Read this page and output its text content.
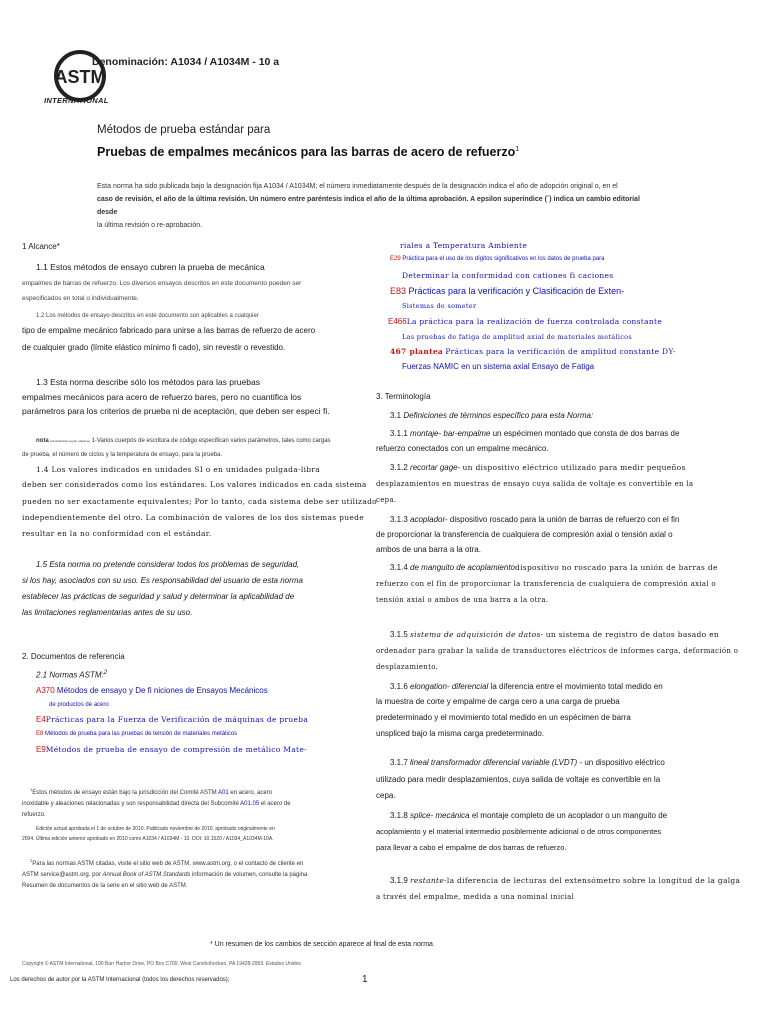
ASTM
Denominación: A1034 / A1034M - 10 a
INTERNATIONAL
Métodos de prueba estándar para
Pruebas de empalmes mecánicos para las barras de acero de refuerzo$^1$
Esta norma ha sido publicada bajo la designación fija A1034 / A1034M; el número inmediatamente después de la designación indica el año de adopción original o, en el
caso de revisión, el año de la última revisión. Un número entre paréntesis indica el año de la última aprobación. A epsilon superíndice (´) indica un cambio editorial desde
la última revisión o re-aprobación.
1 Alcance*
1.1 Estos métodos de ensayo cubren la prueba de mecánica
empalmes de barras de refuerzo. Los diversos ensayos descritos en este documento pueden ser
especificados en total o individualmente.
1.2 Los métodos de ensayo descritos en este documento son aplicables a cualquier
tipo de empalme mecánico fabricado para unirse a las barras de refuerzo de acero
de cualquier grado (límite elástico mínimo fi cado), sin revestir o revestido.
1.3 Esta norma describe sólo los métodos para las pruebas
empalmes mecánicos para acero de refuerzo bares, pero no cuantifica los
parámetros para los criterios de prueba ni de aceptación, que deben ser especi fi.
nota barras/barras según objetivos 1-Varios cuerpos de escritura de código especifican varios parámetros, tales como cargas
de prueba, el número de ciclos y la temperatura de ensayo, para la prueba.
1.4 Los valores indicados en unidades SI o en unidades pulgada-libra
deben ser considerados como los estándares. Los valores indicados en cada sistema
pueden no ser exactamente equivalentes; Por lo tanto, cada sistema debe ser utilizado
independientemente del otro. La combinación de valores de los dos sistemas puede
resultar en la no conformidad con el estándar.
1.5 Esta norma no pretende considerar todos los problemas de seguridad,
si los hay, asociados con su uso. Es responsabilidad del usuario de esta norma
establecer las prácticas de seguridad y salud y determinar la aplicabilidad de
las limitaciones reglamentarias antes de su uso.
2. Documentos de referencia
2.1 Normas ASTM:$^2$
A370 Métodos de ensayo y De fi niciones de Ensayos Mecánicos
de productos de acero
E4Prácticas para la Fuerza de Verificación de máquinas de prueba
E8 Métodos de prueba para las pruebas de tensión de materiales metálicos
E9Métodos de prueba de ensayo de compresión de metálico Mate-
$^1$Estos métodos de ensayo están bajo la jurisdicción del Comité ASTM A01 en acero, acero
inoxidable y aleaciones relacionadas y son responsabilidad directa del Subcomité A01.05 el acero de
refuerzo.
Edición actual aprobada el 1 de octubre de 2010. Publicado noviembre de 2010. aprobado originalmente en
2004. Última edición anterior aprobado en 2010 como A1034 / A1034M - 10. DOI: 10.1520 / A1034_A1034M-10A.
$^2$Para las normas ASTM citadas, visite el sitio web de ASTM, www.astm.org, o el contacto de cliente en
ASTM service@astm.org. por Annual Book of ASTM Standards información de volumen, consulte la página
Resumen de documentos de la serie en el sitio web de ASTM.
riales a Temperatura Ambiente
E29 Práctica para el uso de los dígitos significativos en los datos de prueba para
Determinar la conformidad con cationes fi caciones
E83 Prácticas para la verificación y Clasificación de Exten-
Sistemas de someter
E466La práctica para la realización de fuerza controlada constante
Las pruebas de fatiga de amplitud axial de materiales metálicos
467 plantea Prácticas para la verificación de amplitud constante DY-
Fuerzas NAMIC en un sistema axial Ensayo de Fatiga
3. Terminología
3.1 Definiciones de términos específico para esta Norma:
3.1.1 montaje- bar-empalme un espécimen montado que consta de dos barras de
refuerzo conectados con un empalme mecánico.
3.1.2 recortar gage- un dispositivo eléctrico utilizado para medir pequeños
desplazamientos en muestras de ensayo cuya salida de voltaje es convertible en la
cepa.
3.1.3 acoplador- dispositivo roscado para la unión de barras de refuerzo con el fin
de proporcionar la transferencia de cualquiera de compresión axial o tensión axial o
ambos de una barra a la otra.
3.1.4 de manguito de acoplamientodispositivo no roscado para la unión de barras de
refuerzo con el fin de proporcionar la transferencia de cualquiera de compresión axial o
tensión axial o ambos de una barra a la otra.
3.1.5 sistema de adquisición de datos- un sistema de registro de datos basado en
ordenador para grabar la salida de transductores eléctricos de informes carga, deformación o
desplazamiento.
3.1.6 elongation- diferencial la diferencia entre el movimiento total medido en
la muestra de corte y empalme de carga cero a una carga de prueba
predeterminado y el movimiento total medido en un espécimen de barra
unspliced bajo la misma carga predeterminado.
3.1.7 lineal transformador diferencial variable (LVDT) - un dispositivo eléctrico
utilizado para medir desplazamientos, cuya salida de voltaje es convertible en la
cepa.
3.1.8 splice- mecánica el montaje completo de un acoplador o un manguito de
acoplamiento y el material intermedio posiblemente adicional o de otros componentes
para llevar a cabo el empalme de dos barras de refuerzo.
3.1.9 restante-la diferencia de lecturas del extensómetro sobre la longitud de la galga
a través del empalme, medida a una nominal inicial
* Un resumen de los cambios de sección aparece al final de esta norma
Copyright © ASTM International, 100 Barr Harbor Drive, PO Box C700, West Conshohocken, PA 19428-2959. Estados Unidos
Los derechos de autor por la ASTM Internacional (todos los derechos reservados);	1
